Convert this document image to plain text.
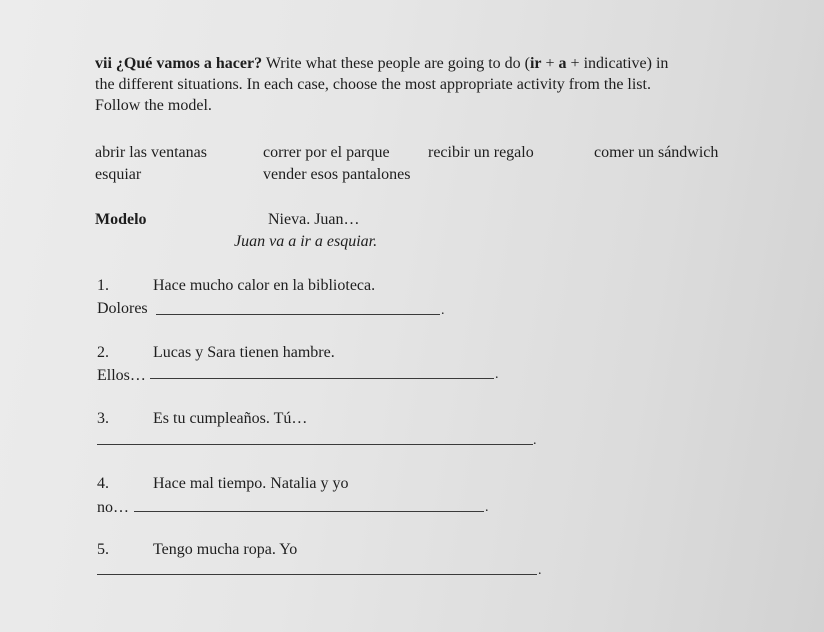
vii ¿Qué vamos a hacer? Write what these people are going to do (ir + a + indicative) in
the different situations. In each case, choose the most appropriate activity from the list.
Follow the model.
abrir las ventanas	correr por el parque recibir un regalo	comer un sándwich
esquiar	vender esos pantalones
Modelo	Nieva. Juan…
Juan va a ir a esquiar.
1.	Hace mucho calor en la biblioteca.
Dolores	.
2.	Lucas y Sara tienen hambre.
Ellos…	.
3.	Es tu cumpleaños. Tú…
.
4.	Hace mal tiempo. Natalia y yo
no…	.
5.	Tengo mucha ropa. Yo
.
